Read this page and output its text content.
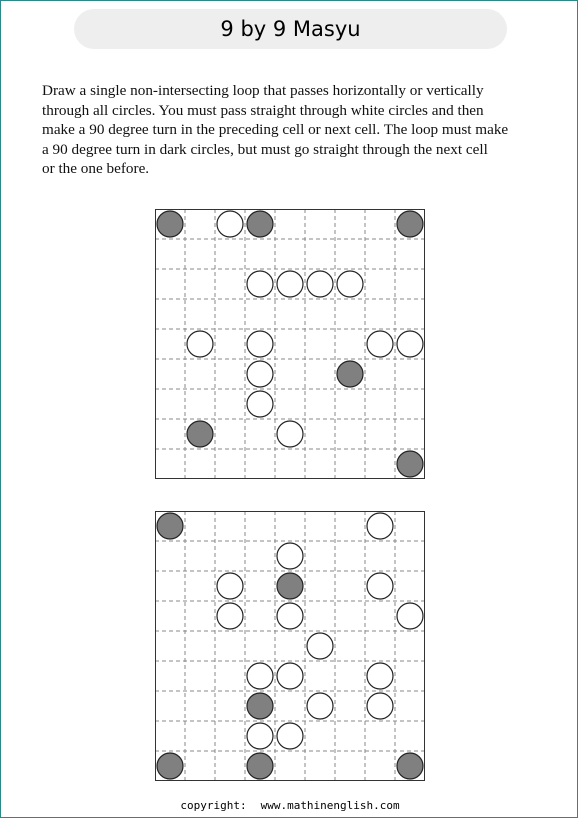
9 by 9 Masyu

Draw a single non-intersecting loop that passes horizontally or vertically

through all circles. You must pass straight through white circles and then

make a 90 degree turn in the preceding cell or next cell. The loop must make

a 90 degree turn in dark circles, but must go straight through the next cell

or the one before.

copyright: www.mathinenglish.com
